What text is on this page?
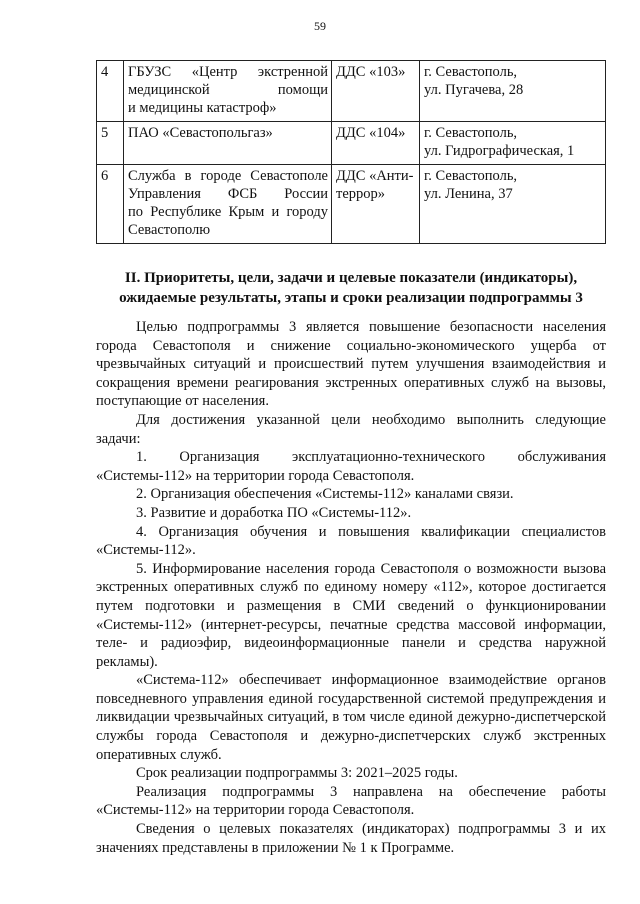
59
4	ГБУЗС «Центр экстренной
медицинской помощи
и медицины катастроф»	ДДС «103»	г. Севастополь,
ул. Пугачева, 28

5	ПАО «Севастопольгаз»	ДДС «104»	г. Севастополь,
ул. Гидрографическая, 1

6	Служба в городе Севастополе
Управления ФСБ России
по Республике Крым и городу
Севастополю	ДДС «Анти-
террор»	г. Севастополь,
ул. Ленина, 37
II. Приоритеты, цели, задачи и целевые показатели (индикаторы), ожидаемые результаты, этапы и сроки реализации подпрограммы 3

Целью подпрограммы 3 является повышение безопасности населения города Севастополя и снижение социально-экономического ущерба от чрезвычайных ситуаций и происшествий путем улучшения взаимодействия и сокращения времени реагирования экстренных оперативных служб на вызовы, поступающие от населения.

Для достижения указанной цели необходимо выполнить следующие задачи:

1. Организация эксплуатационно-технического обслуживания «Системы-112» на территории города Севастополя.

2. Организация обеспечения «Системы-112» каналами связи.

3. Развитие и доработка ПО «Системы-112».

4. Организация обучения и повышения квалификации специалистов «Системы-112».

5. Информирование населения города Севастополя о возможности вызова экстренных оперативных служб по единому номеру «112», которое достигается путем подготовки и размещения в СМИ сведений о функционировании «Системы-112» (интернет-ресурсы, печатные средства массовой информации, теле- и радиоэфир, видеоинформационные панели и средства наружной рекламы).

«Система-112» обеспечивает информационное взаимодействие органов повседневного управления единой государственной системой предупреждения и ликвидации чрезвычайных ситуаций, в том числе единой дежурно-диспетчерской службы города Севастополя и дежурно-диспетчерских служб экстренных оперативных служб.

Срок реализации подпрограммы 3: 2021–2025 годы.

Реализация подпрограммы 3 направлена на обеспечение работы «Системы-112» на территории города Севастополя.

Сведения о целевых показателях (индикаторах) подпрограммы 3 и их значениях представлены в приложении № 1 к Программе.
